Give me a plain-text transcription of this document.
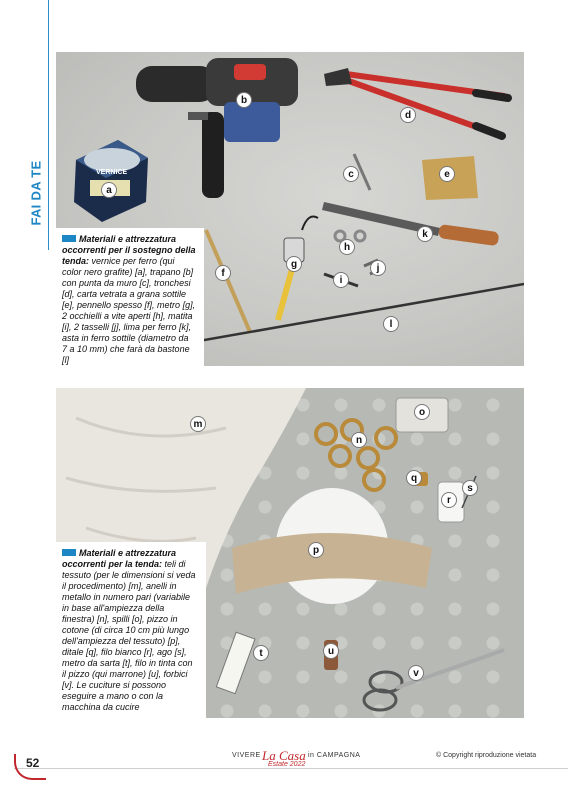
FAI DA TE	VERNICE
a
b
c
d
e
f
g
h
i
j
k
l
Materiali e attrezzatura occorrenti per il sostegno della tenda: vernice per ferro (qui color nero grafite) [a], trapano [b] con punta da muro [c], tronchesi [d], carta vetrata a grana sottile [e], pennello spesso [f], metro [g], 2 occhielli a vite aperti [h], matita [i], 2 tasselli [j], lima per ferro [k], asta in ferro sottile (diametro da 7 a 10 mm) che farà da bastone [l]
m
n
o
p
q
r
s
t	u
v
Materiali e attrezzatura occorrenti per la tenda: teli di tessuto (per le dimensioni si veda il procedimento) [m], anelli in metallo in numero pari (variabile in base all'ampiezza della finestra) [n], spilli [o], pizzo in cotone (di circa 10 cm più lungo dell'ampiezza del tessuto) [p], ditale [q], filo bianco [r], ago [s], metro da sarta [t], filo in tinta con il pizzo (qui marrone) [u], forbici [v]. Le cuciture si possono eseguire a mano o con la macchina da cucire
52
VIVERE La Casa in CAMPAGNA
Estate 2022
© Copyright riproduzione vietata
